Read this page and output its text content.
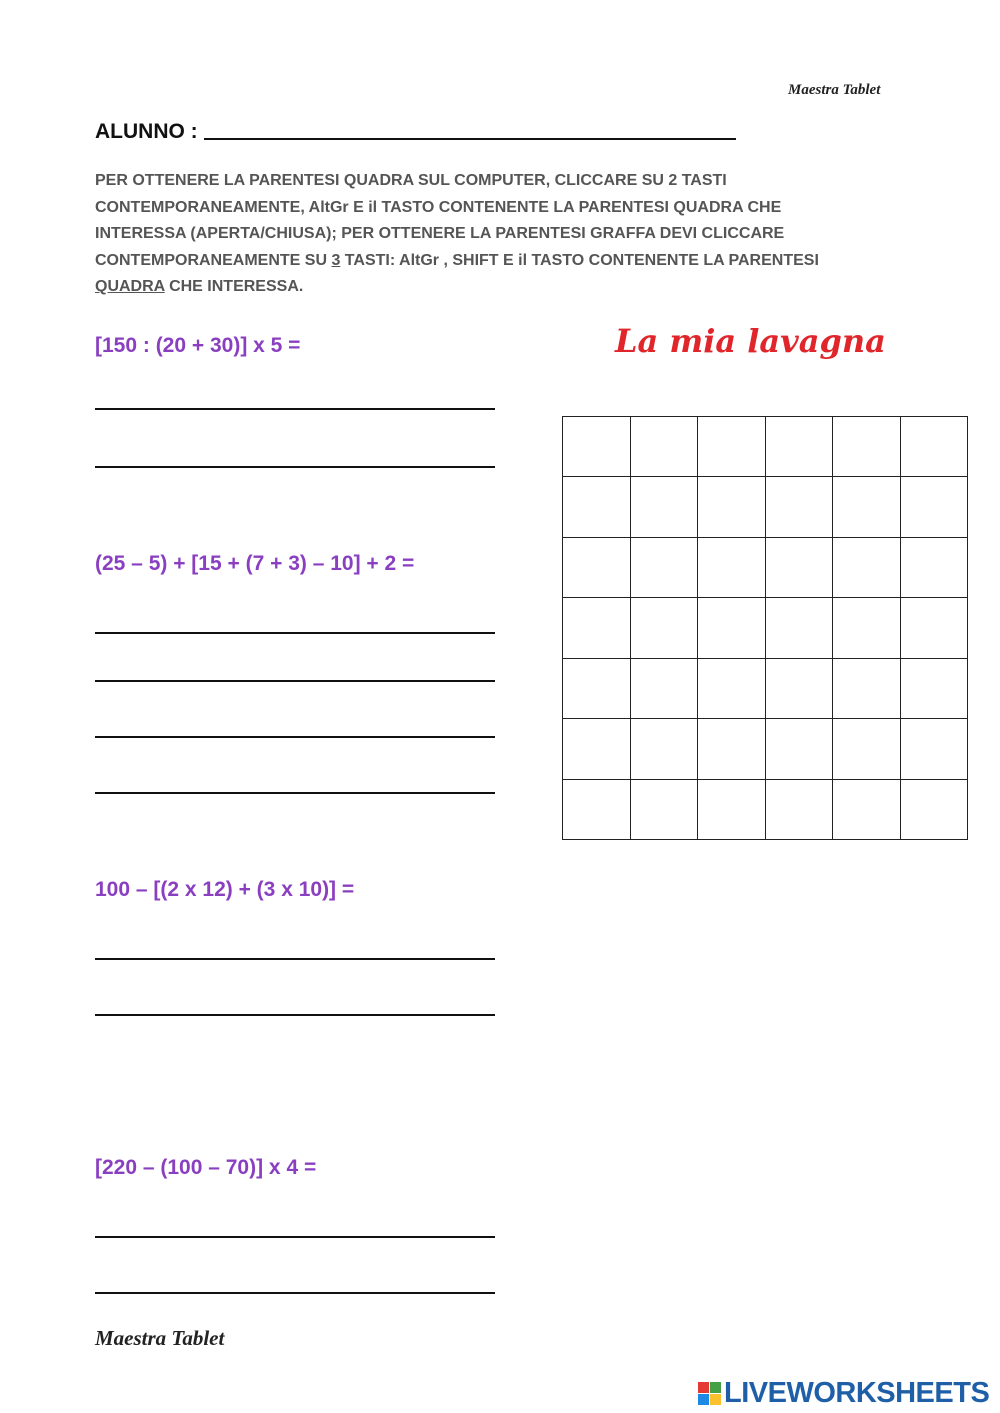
Maestra Tablet
ALUNNO :
PER OTTENERE LA PARENTESI QUADRA SUL COMPUTER, CLICCARE SU 2 TASTI
CONTEMPORANEAMENTE, AltGr E il TASTO CONTENENTE LA PARENTESI QUADRA CHE
INTERESSA (APERTA/CHIUSA); PER OTTENERE LA PARENTESI GRAFFA DEVI CLICCARE
CONTEMPORANEAMENTE SU 3 TASTI: AltGr , SHIFT E il TASTO CONTENENTE LA PARENTESI
QUADRA CHE INTERESSA.
[150 : (20 + 30)] x 5 =
(25 – 5) + [15 + (7 + 3) – 10] + 2 =
100 – [(2 x 12) + (3 x 10)] =
[220 – (100 – 70)] x 4 =
La mia lavagna
Maestra Tablet
LIVEWORKSHEETS
